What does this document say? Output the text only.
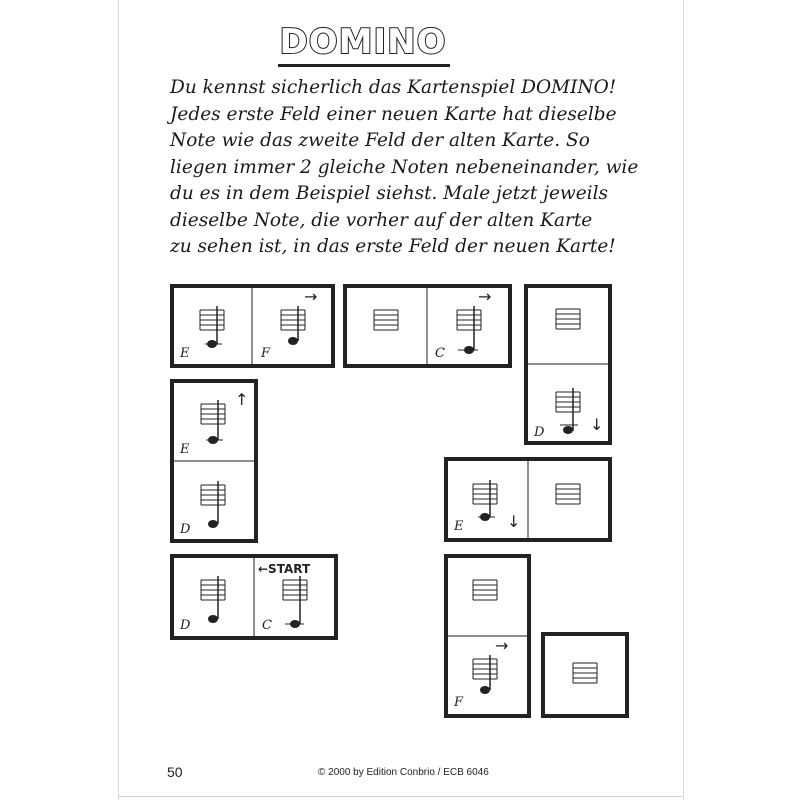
DOMINO
Du kennst sicherlich das Kartenspiel DOMINO!
Jedes erste Feld einer neuen Karte hat dieselbe
Note wie das zweite Feld der alten Karte. So
liegen immer 2 gleiche Noten nebeneinander, wie
du es in dem Beispiel siehst. Male jetzt jeweils
dieselbe Note, die vorher auf der alten Karte
zu sehen ist, in das erste Feld der neuen Karte!
E	F
→
C
→
D	↓
E
↑
D	E	↓
D
←START
C
F
→
50	© 2000 by Edition Conbrio / ECB 6046
